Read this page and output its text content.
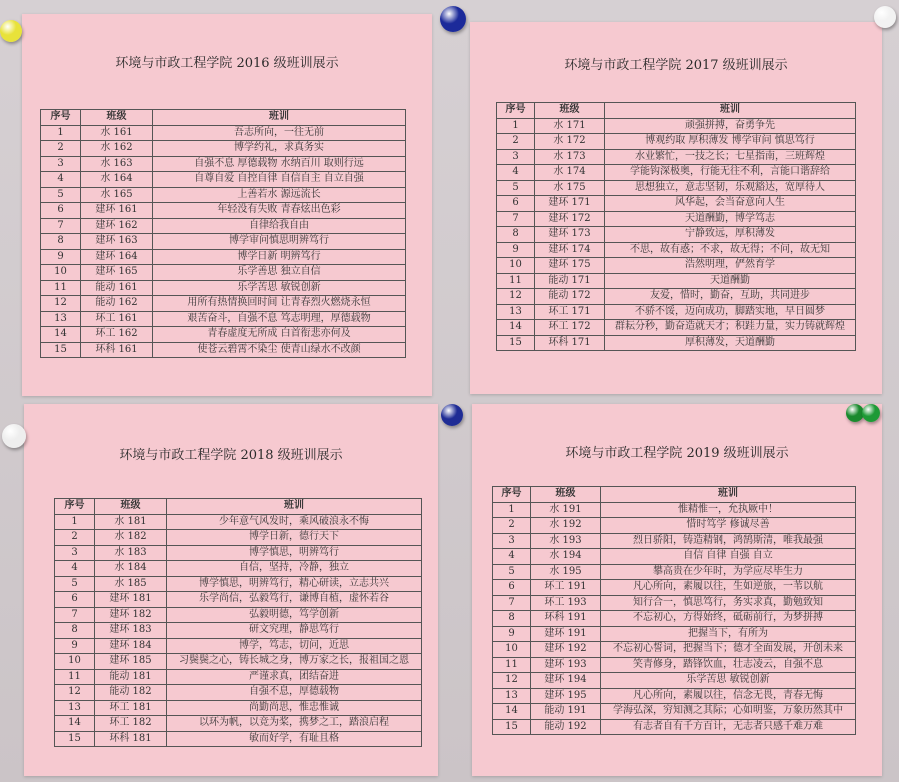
环境与市政工程学院 2016 级班训展示
序号	班级	班训
1	水 161	吾志所向，一往无前
2	水 162	博学约礼，求真务实
3	水 163	自强不息 厚德载物 水纳百川 取则行远
4	水 164	自尊自爱 自控自律 自信自主 自立自强
5	水 165	上善若水 源远流长
6	建环 161	年轻没有失败 青春炫出色彩
7	建环 162	自律给我自由
8	建环 163	博学审问慎思明辨笃行
9	建环 164	博学日新 明辨笃行
10	建环 165	乐学善思 独立自信
11	能动 161	乐学苦思 敏锐创新
12	能动 162	用所有热情换回时间 让青春烈火燃烧永恒
13	环工 161	艰苦奋斗，自强不息 笃志明理，厚德载物
14	环工 162	青春虚度无所成 白首衔悲亦何及
15	环科 161	使苍云碧霄不染尘 使青山绿水不改颜
环境与市政工程学院 2017 级班训展示
序号	班级	班训
1	水 171	顽强拼搏，奋勇争先
2	水 172	博观约取 厚积薄发 博学审问 慎思笃行
3	水 173	水业繁忙，一技之长；七星指南，三班辉煌
4	水 174	学能钩深极奥，行能无往不利，言能口谐辞给
5	水 175	思想独立，意志坚韧，乐观豁达，宽厚待人
6	建环 171	风华起，会当奋意向人生
7	建环 172	天道酬勤，博学笃志
8	建环 173	宁静致远，厚积薄发
9	建环 174	不思，故有惑；不求，故无得；不问，故无知
10	建环 175	浩然明理，俨然育学
11	能动 171	天道酬勤
12	能动 172	友爱，惜时，勤奋，互助，共同进步
13	环工 171	不骄不馁，迈向成功，脚踏实地，早日圆梦
14	环工 172	群耘分秒，勤奋造就天才；积跬力量，实力铸就辉煌
15	环科 171	厚积薄发，天道酬勤
环境与市政工程学院 2018 级班训展示
序号	班级	班训
1	水 181	少年意气风发时，乘风破浪永不悔
2	水 182	博学日新，德行天下
3	水 183	博学慎思，明辨笃行
4	水 184	自信，坚持，冷静，独立
5	水 185	博学慎思，明辨笃行，精心研读，立志共兴
6	建环 181	乐学尚信，弘毅笃行，谦博自植，虚怀若谷
7	建环 182	弘毅明德，笃学创新
8	建环 183	研文究理，静思笃行
9	建环 184	博学，笃志，切问，近思
10	建环 185	习鬓鬓之心，铸长城之身，博万家之长，报祖国之恩
11	能动 181	严谨求真，团结奋进
12	能动 182	自强不息，厚德载物
13	环工 181	尚勤尚思，惟忠惟诚
14	环工 182	以环为帆，以竞为桨，携梦之工，踏浪启程
15	环科 181	敏而好学，有耻且格
环境与市政工程学院 2019 级班训展示
序号	班级	班训
1	水 191	惟精惟一，允执厥中！
2	水 192	惜时笃学 修诚尽善
3	水 193	烈日骄阳，铸造精钢，鸿鹄斯清，唯我最强
4	水 194	自信 自律 自强 自立
5	水 195	攀高贵在少年时，为学应尽毕生力
6	环工 191	凡心所向，素履以往，生如逆旅，一苇以航
7	环工 193	知行合一，慎思笃行，务实求真，勤勉致知
8	环科 191	不忘初心，方得始终，砥砺前行，为梦拼搏
9	建环 191	把握当下，有所为
10	建环 192	不忘初心誓词，把握当下；德才全面发展，开创未来
11	建环 193	笑青修身，踏锋饮血，壮志凌云，自强不息
12	建环 194	乐学苦思 敏锐创新
13	建环 195	凡心所向，素履以往，信念无畏，青春无悔
14	能动 191	学海弘深，穷知测之其际；心如明鉴，万象历然其中
15	能动 192	有志者自有千方百计，无志者只感千难万难
